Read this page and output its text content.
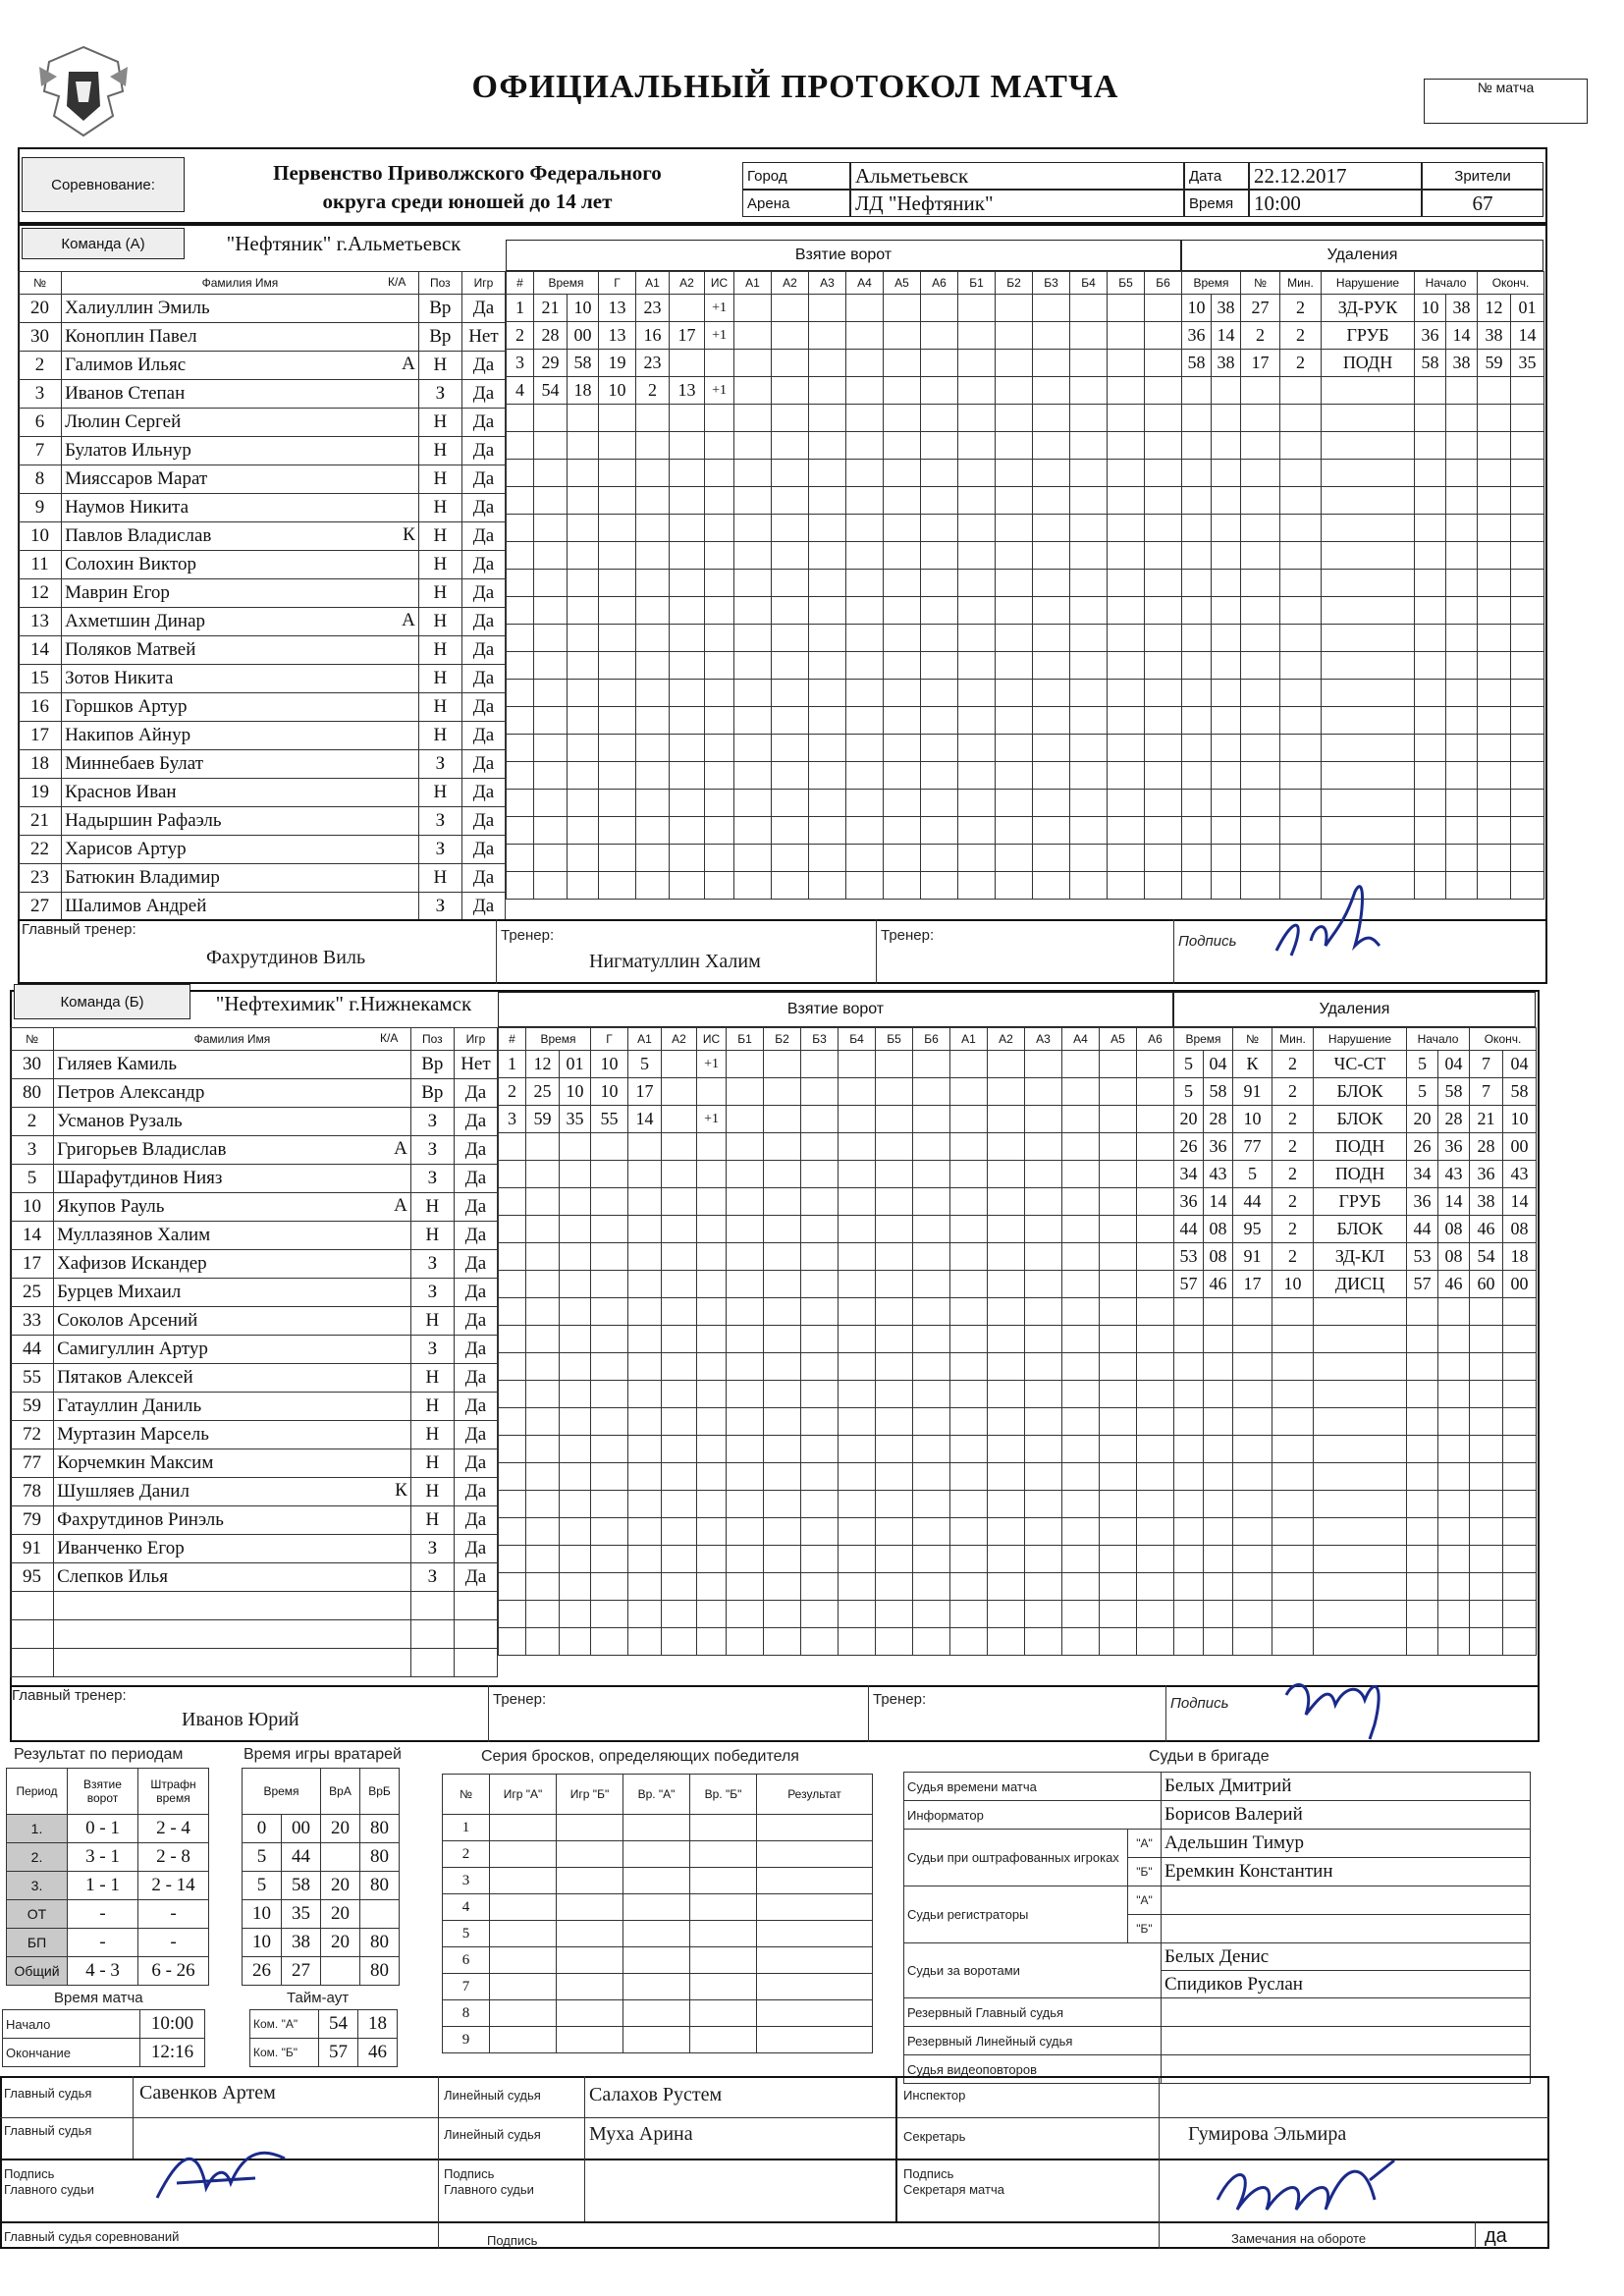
ОФИЦИАЛЬНЫЙ ПРОТОКОЛ МАТЧА	№ матча
Соревнование:	Первенство Приволжского Федерального
округа среди юношей до 14 лет
Город	Альметьевск
Арена	ЛД "Нефтяник"
Дата	22.12.2017
Время 10:00
Зрители
67
Команда (А)	"Нефтяник" г.Альметьевск	Взятие ворот	Удаления
№	Фамилия Имя	Поз	Игр
20	Халиуллин Эмиль	Вр	Да
30	Коноплин Павел	Вр	Нет
2	Галимов Ильяс А	Н	Да
3	Иванов Степан	З	Да
6	Люлин Сергей	Н	Да
7	Булатов Ильнур	Н	Да
8	Мияссаров Марат	Н	Да
9	Наумов Никита	Н	Да
10	Павлов Владислав К	Н	Да
11	Солохин Виктор	Н	Да
12	Маврин Егор	Н	Да
13	Ахметшин Динар А	Н	Да
14	Поляков Матвей	Н	Да
15	Зотов Никита	Н	Да
16	Горшков Артур	Н	Да
17	Накипов Айнур	Н	Да
18	Миннебаев Булат	З	Да
19	Краснов Иван	Н	Да
21	Надыршин Рафаэль	З	Да
22	Харисов Артур	З	Да
23	Батюкин Владимир	Н	Да
27	Шалимов Андрей	З	Да
К/А	#	Время		Г	А1	А2	ИС	А1	А2	А3	А4	А5	А6	Б1	Б2	Б3	Б4	Б5	Б6
1	21	10	13	23		+1												
2	28	00	13	16	17	+1												
3	29	58	19	23														
4	54	18	10	2	13	+1												

Время		№	Мин.	Нарушение	Начало		Оконч.	
10	38	27	2	ЗД-РУК	10	38	12	01
36	14	2	2	ГРУБ	36	14	38	14
58	38	17	2	ПОДН	58	38	59	35

Главный тренер:
Фахрутдинов Виль
Тренер:
Нигматуллин Халим
Тренер:	Подпись
Команда (Б)	"Нефтехимик" г.Нижнекамск	Взятие ворот	Удаления
№	Фамилия Имя	Поз	Игр
30	Гиляев Камиль	Вр	Нет
80	Петров Александр	Вр	Да
2	Усманов Рузаль	З	Да
3	Григорьев Владислав А	З	Да
5	Шарафутдинов Нияз	З	Да
10	Якупов Рауль А	Н	Да
14	Муллазянов Халим	Н	Да
17	Хафизов Искандер	З	Да
25	Бурцев Михаил	З	Да
33	Соколов Арсений	Н	Да
44	Самигуллин Артур	З	Да
55	Пятаков Алексей	Н	Да
59	Гатауллин Даниль	Н	Да
72	Муртазин Марсель	Н	Да
77	Корчемкин Максим	Н	Да
78	Шушляев Данил К	Н	Да
79	Фахрутдинов Ринэль	Н	Да
91	Иванченко Егор	З	Да
95	Слепков Илья	З	Да

К/А	#	Время		Г	А1	А2	ИС	Б1	Б2	Б3	Б4	Б5	Б6	А1	А2	А3	А4	А5	А6
1	12	01	10	5		+1												
2	25	10	10	17														
3	59	35	55	14		+1												

Время		№	Мин.	Нарушение	Начало		Оконч.	
5	04	К	2	ЧС-СТ	5	04	7	04
5	58	91	2	БЛОК	5	58	7	58
20	28	10	2	БЛОК	20	28	21	10
26	36	77	2	ПОДН	26	36	28	00
34	43	5	2	ПОДН	34	43	36	43
36	14	44	2	ГРУБ	36	14	38	14
44	08	95	2	БЛОК	44	08	46	08
53	08	91	2	ЗД-КЛ	53	08	54	18
57	46	17	10	ДИСЦ	57	46	60	00

Главный тренер:
Иванов Юрий
Тренер:	Тренер:	Подпись
Результат по периодам
Период	Взятие ворот	Штрафн время
1.	0 - 1	2 - 4
2.	3 - 1	2 - 8
3.	1 - 1	2 - 14
ОТ	-	-
БП	-	-
Общий	4 - 3	6 - 26
Время игры вратарей
Время		ВрА	ВрБ
0	00	20	80
5	44		80
5	58	20	80
10	35	20	
10	38	20	80
26	27		80
Серия бросков, определяющих победителя
№	Игр "А"	Игр "Б"	Вр. "А"	Вр. "Б"	Результат
1					
2					
3					
4					
5					
6					
7					
8					
9					
Время матча
Начало	10:00
Окончание	12:16
Тайм-аут
Ком. "А"	54	18
Ком. "Б"	57	46
Судьи в бригаде
Судья времени матча		Белых Дмитрий
Информатор		Борисов Валерий
Судьи при оштрафованных игроках	"А"	Адельшин Тимур
	"Б"	Еремкин Константин
Судьи регистраторы	"А"	
	"Б"	
Судьи за воротами		Белых Денис
		Спидиков Руслан
Резервный Главный судья		
Резервный Линейный судья		
Судья видеоповторов		
Главный судья Савенков Артем
Главный судья
Линейный судья Салахов Рустем
Линейный судья Муха Арина
Инспектор
Секретарь	Гумирова Эльмира
Подпись
Главного судьи
Подпись
Главного судьи
Подпись
Секретаря матча
Главный судья соревнований	Подпись	Замечания на обороте	да
